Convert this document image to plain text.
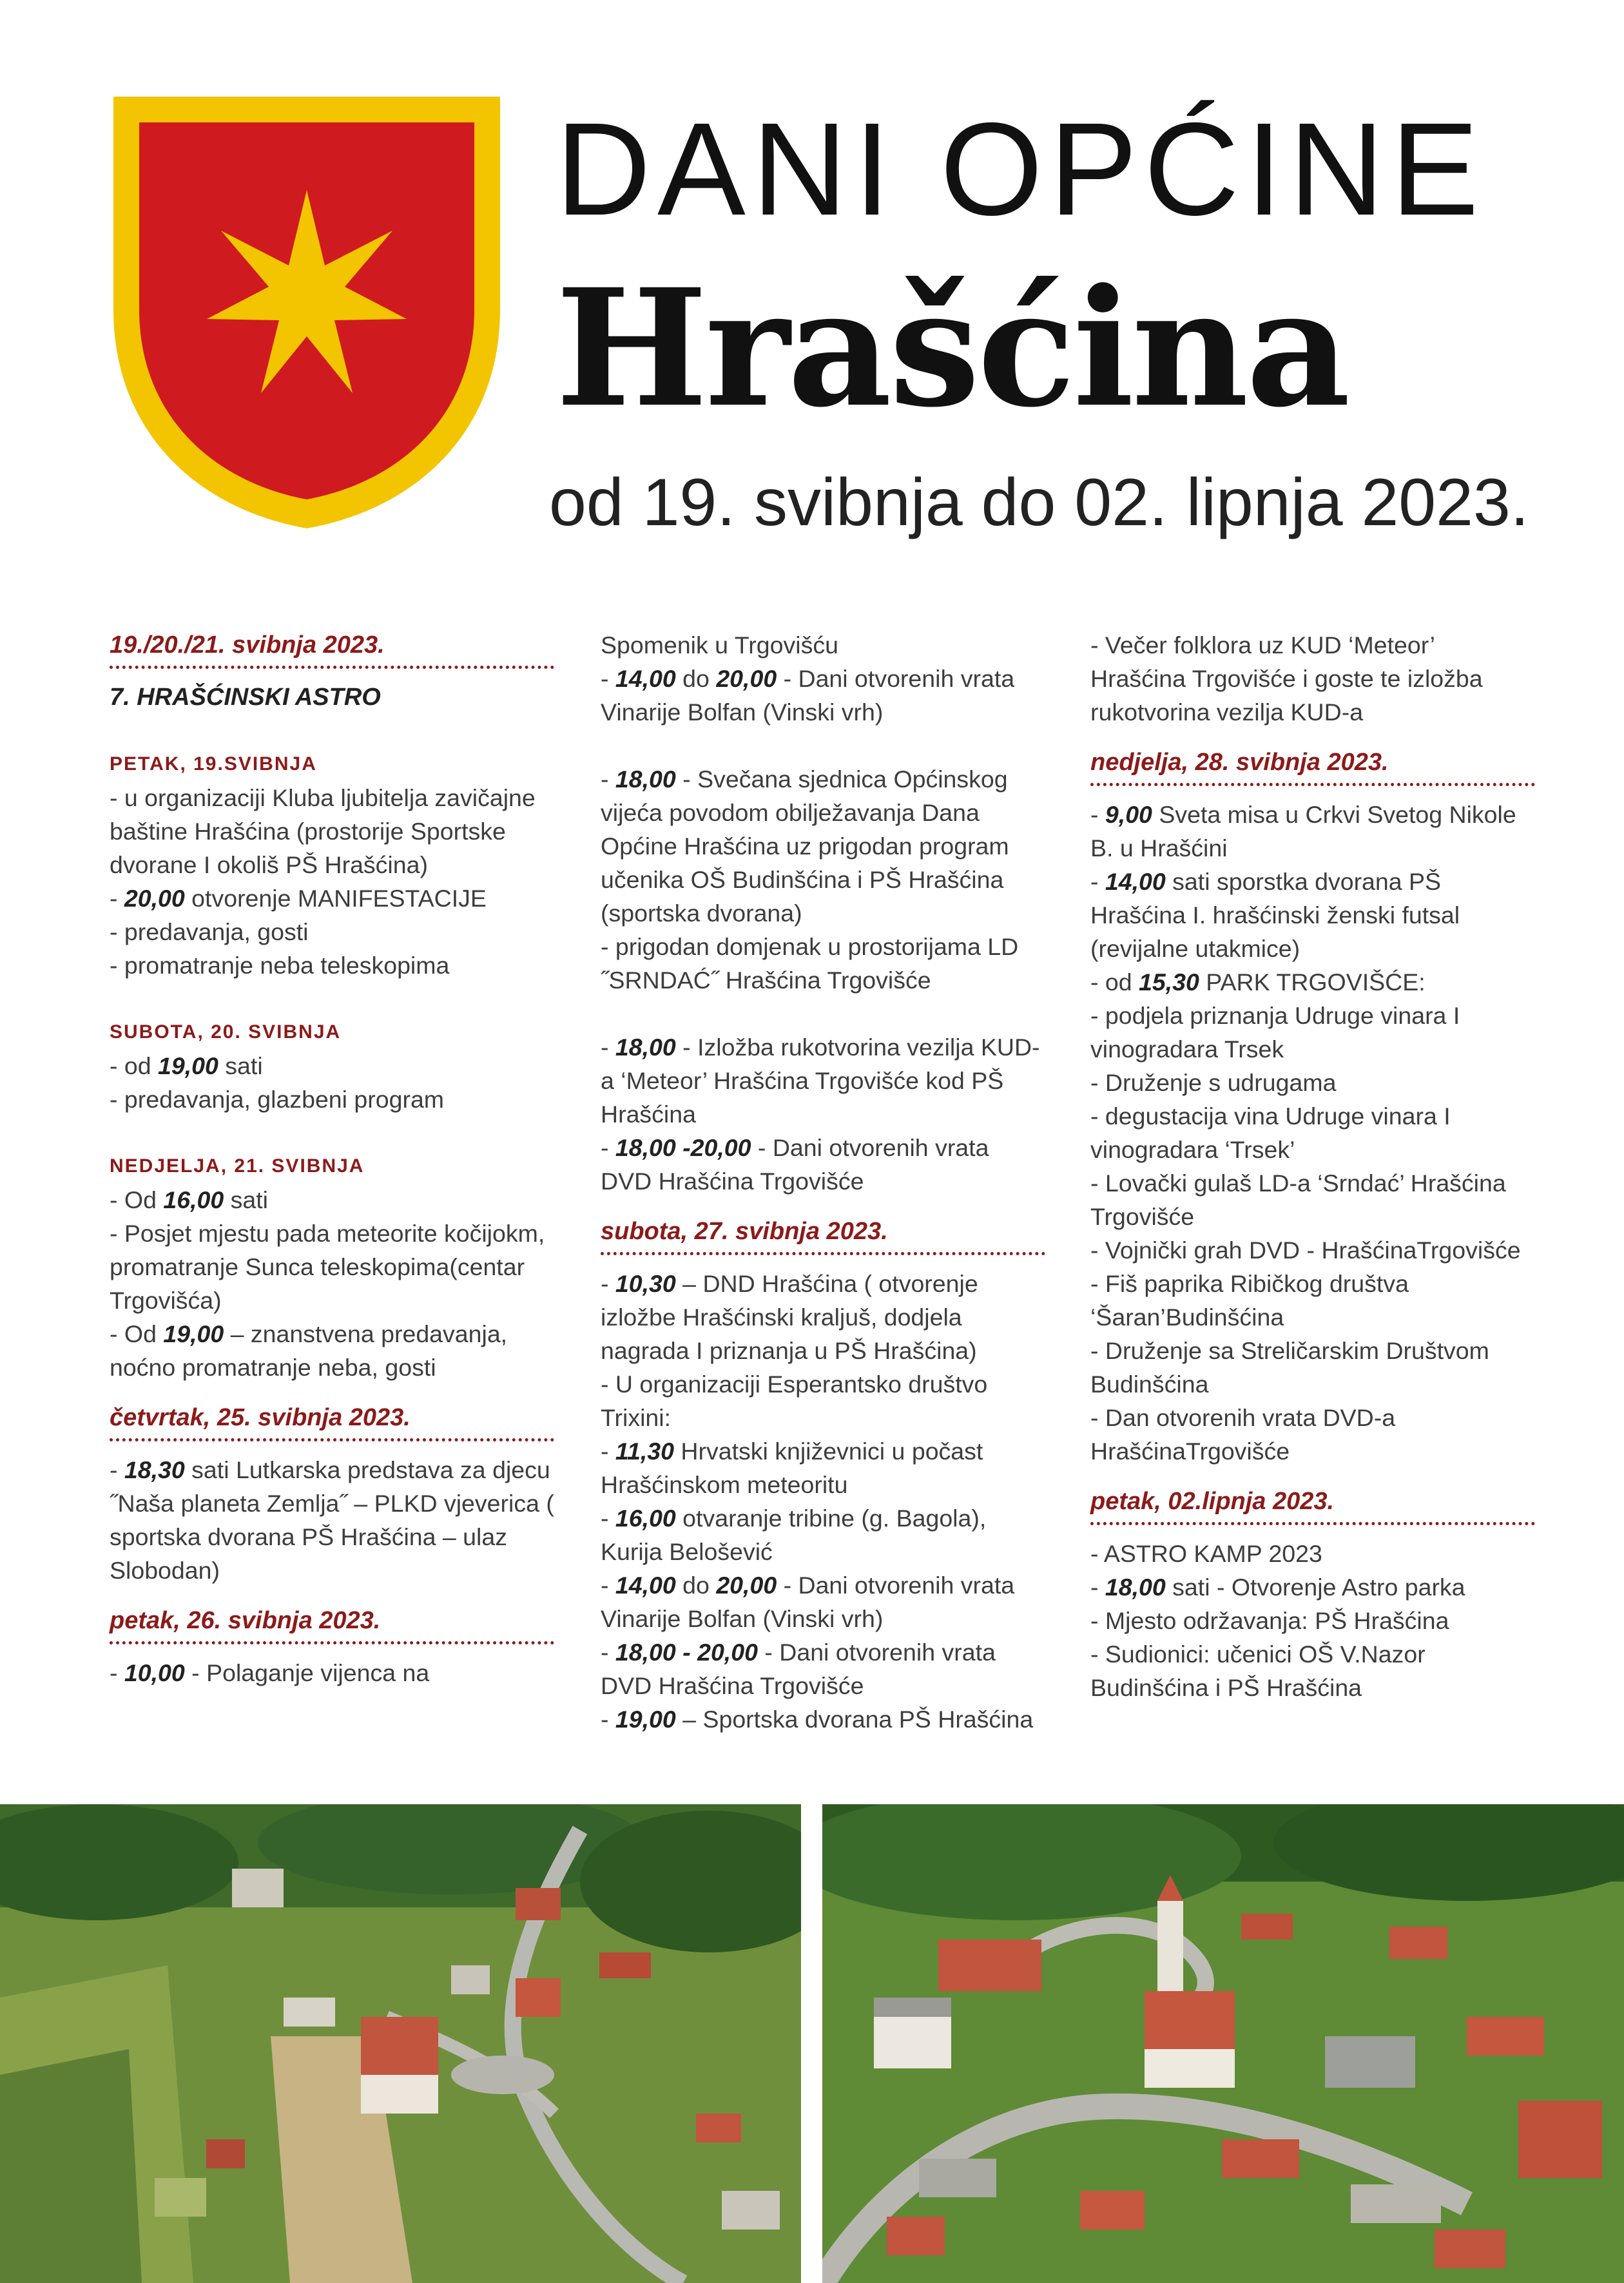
DANI OPĆINE
Hrašćina
od 19. svibnja do 02. lipnja 2023.
19./20./21. svibnja 2023.
7. HRAŠĆINSKI ASTRO
PETAK, 19.SVIBNJA
- u organizaciji Kluba ljubitelja zavičajne baštine Hrašćina (prostorije Sportske dvorane I okoliš PŠ Hrašćina)
- 20,00 otvorenje MANIFESTACIJE
- predavanja, gosti
- promatranje neba teleskopima
SUBOTA, 20. SVIBNJA
- od 19,00 sati
- predavanja, glazbeni program
NEDJELJA, 21. SVIBNJA
- Od 16,00 sati
- Posjet mjestu pada meteorite kočijokm, promatranje Sunca teleskopima(centar Trgovišća)
- Od 19,00 – znanstvena predavanja, noćno promatranje neba, gosti
četvrtak, 25. svibnja 2023.
- 18,30 sati Lutkarska predstava za djecu ˝Naša planeta Zemlja˝ – PLKD vjeverica ( sportska dvorana PŠ Hrašćina – ulaz Slobodan)
petak, 26. svibnja 2023.
- 10,00 - Polaganje vijenca na
Spomenik u Trgovišću
- 14,00 do 20,00 - Dani otvorenih vrata Vinarije Bolfan (Vinski vrh)
- 18,00 - Svečana sjednica Općinskog vijeća povodom obilježavanja Dana Općine Hrašćina uz prigodan program učenika OŠ Budinšćina i PŠ Hrašćina (sportska dvorana)
- prigodan domjenak u prostorijama LD ˝SRNDAĆ˝ Hrašćina Trgovišće
- 18,00 - Izložba rukotvorina vezilja KUD-a ‘Meteor’ Hrašćina Trgovišće kod PŠ Hrašćina
- 18,00 -20,00 - Dani otvorenih vrata DVD Hrašćina Trgovišće
subota, 27. svibnja 2023.
- 10,30 – DND Hrašćina ( otvorenje izložbe Hrašćinski kraljuš, dodjela nagrada I priznanja u PŠ Hrašćina)
- U organizaciji Esperantsko društvo Trixini:
- 11,30 Hrvatski književnici u počast Hrašćinskom meteoritu
- 16,00 otvaranje tribine (g. Bagola), Kurija Belošević
- 14,00 do 20,00 - Dani otvorenih vrata Vinarije Bolfan (Vinski vrh)
- 18,00 - 20,00 - Dani otvorenih vrata DVD Hrašćina Trgovišće
- 19,00 – Sportska dvorana PŠ Hrašćina
- Večer folklora uz KUD ‘Meteor’ Hrašćina Trgovišće i goste te izložba rukotvorina vezilja KUD-a
nedjelja, 28. svibnja 2023.
- 9,00 Sveta misa u Crkvi Svetog Nikole B. u Hrašćini
- 14,00 sati sporstka dvorana PŠ Hrašćina I. hrašćinski ženski futsal (revijalne utakmice)
- od 15,30 PARK TRGOVIŠĆE:
- podjela priznanja Udruge vinara I vinogradara Trsek
- Druženje s udrugama
- degustacija vina Udruge vinara I vinogradara ‘Trsek’
- Lovački gulaš LD-a ‘Srndać’ Hrašćina Trgovišće
- Vojnički grah DVD - HrašćinaTrgovišće
- Fiš paprika Ribičkog društva ‘Šaran’Budinšćina
- Druženje sa Streličarskim Društvom Budinšćina
- Dan otvorenih vrata DVD-a HrašćinaTrgovišće
petak, 02.lipnja 2023.
- ASTRO KAMP 2023
- 18,00 sati - Otvorenje Astro parka
- Mjesto održavanja: PŠ Hrašćina
- Sudionici: učenici OŠ V.Nazor Budinšćina i PŠ Hrašćina
